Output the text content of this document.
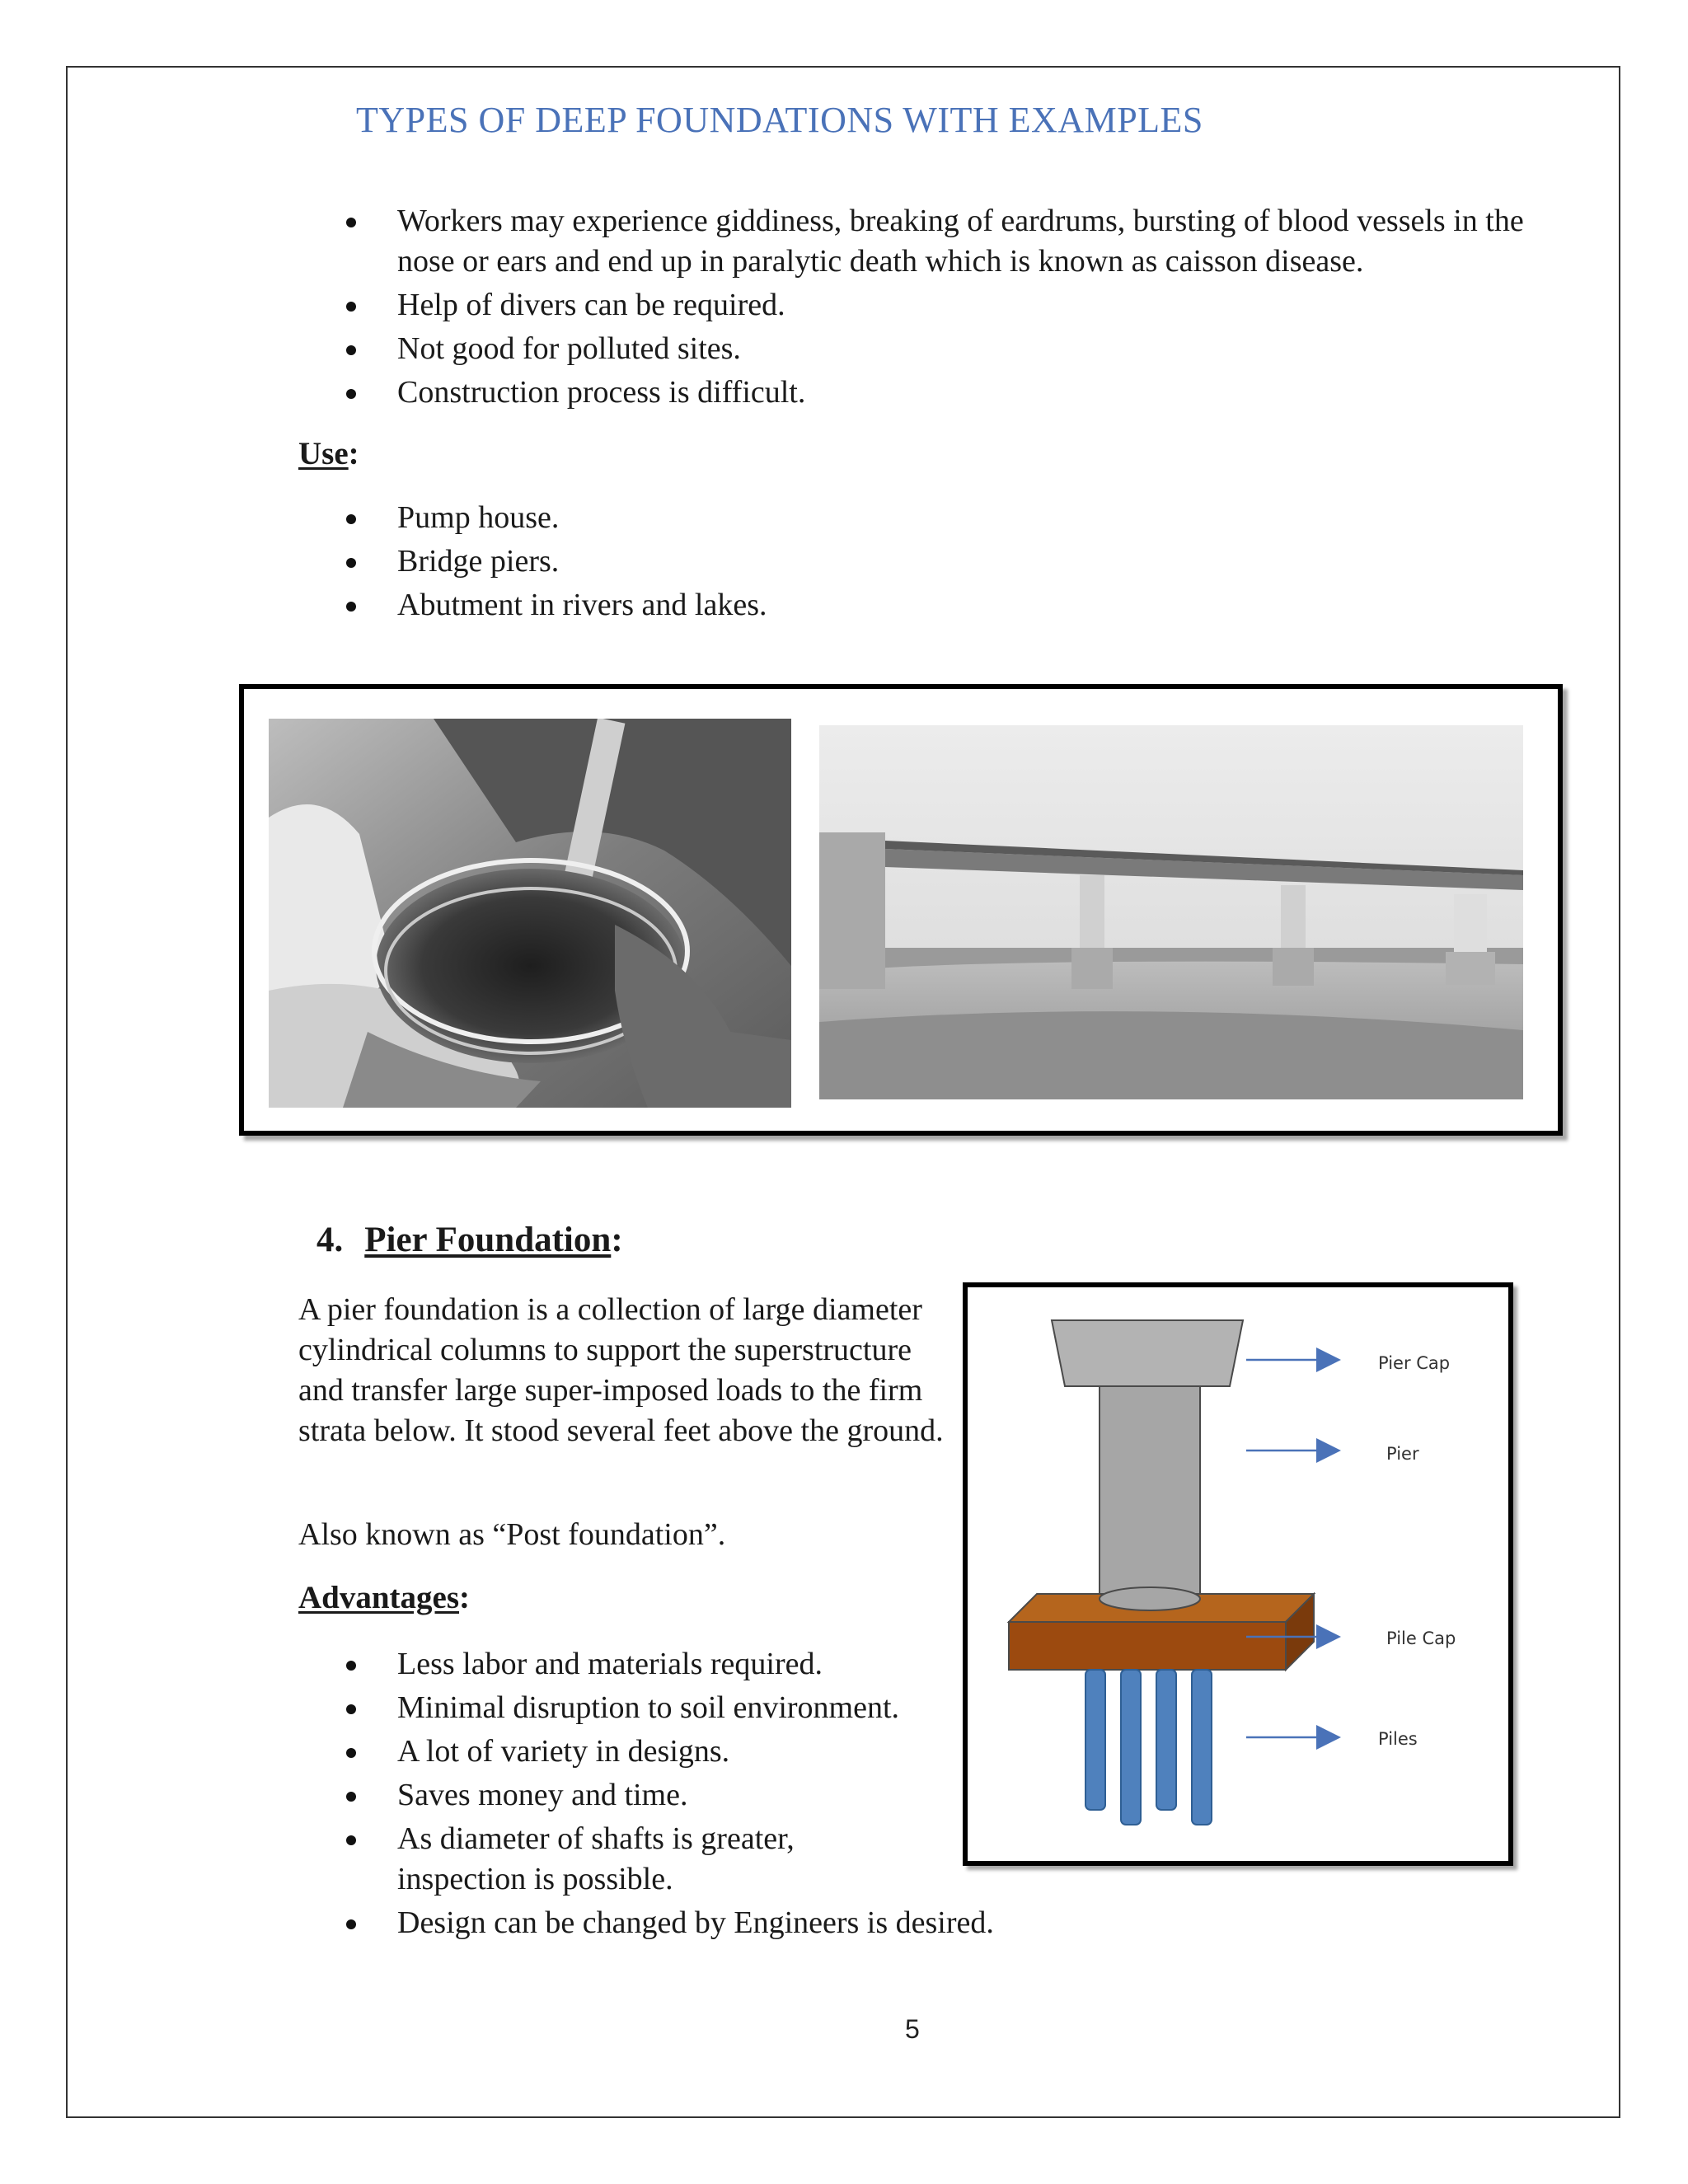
TYPES OF DEEP FOUNDATIONS WITH EXAMPLES
Workers may experience giddiness, breaking of eardrums, bursting of blood vessels in the nose or ears and end up in paralytic death which is known as caisson disease.
Help of divers can be required.
Not good for polluted sites.
Construction process is difficult.
Use:
Pump house.
Bridge piers.
Abutment in rivers and lakes.
4. Pier Foundation:

A pier foundation is a collection of large diameter cylindrical columns to support the superstructure and transfer large super-imposed loads to the firm strata below. It stood several feet above the ground.

Also known as “Post foundation”.

Advantages:
Less labor and materials required.
Minimal disruption to soil environment.
A lot of variety in designs.
Saves money and time.
As diameter of shafts is greater, inspection is possible.
Design can be changed by Engineers is desired.
Pier Cap
Pier
Pile Cap
Piles
5
